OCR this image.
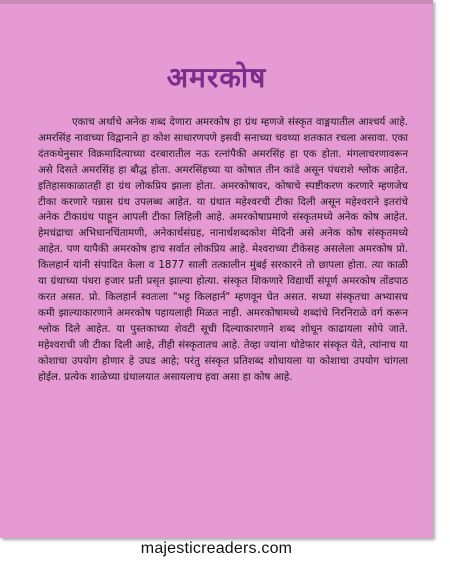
अमरकोष

एकाच अर्थाचे अनेक शब्द देणारा अमरकोष हा ग्रंथ म्हणजे संस्कृत वाङ्मयातील आश्चर्य आहे. अमरसिंह नावाच्या विद्वानाने हा कोश साधारणपणे इसवी सनाच्या चवथ्या शतकात रचला असावा. एका दंतकथेनुसार विक्रमादित्याच्या दरबारातील नऊ रत्नांपैकी अमरसिंह हा एक होता. मंगलाचरणावरून असे दिसते अमरसिंह हा बौद्ध होता. अमरसिंहच्या या कोषात तीन कांडे असून पंधराशे श्लोक आहेत. इतिहासकाळातही हा ग्रंथ लोकप्रिय झाला होता. अमरकोषावर, कोषाचे स्पष्टीकरण करणारे म्हणजेच टीका करणारे पन्नास ग्रंथ उपलब्ध आहेत. या ग्रंथात महेश्वरची टीका दिली असून महेश्वराने इतरांचे अनेक टीकाग्रंथ पाहून आपली टीका लिहिली आहे. अमरकोषाप्रमाणे संस्कृतमध्ये अनेक कोष आहेत. हेमचंद्राचा अभिधानचिंतामणी, अनेकार्थसंग्रह, नानार्थशब्दकोश मेदिनी असे अनेक कोष संस्कृतमध्ये आहेत. पण यापैकी अमरकोष हाच सर्वात लोकप्रिय आहे. मेश्वराच्या टीकेसह असलेला अमरकोष प्रो. किलहार्न यांनी संपादित केला व 1877 साली तत्कालीन मुंबई सरकारने तो छापला होता. त्या काळी या ग्रंथाच्या पंधरा हजार प्रती प्रसृत झाल्या होत्या. संस्कृत शिकणारे विद्यार्थी संपूर्ण अमरकोष तोंडपाठ करत असत. प्रो. किलहार्न स्वतःला "भट्ट किलहार्न" म्हणवून घेत असत. सध्या संस्कृतचा अभ्यासच कमी झाल्याकारणाने अमरकोष पहायलाही मिळत नाही. अमरकोषामध्ये शब्दांचे निरनिराळे वर्ग करून श्लोक दिले आहेत. या पुस्तकाच्या शेवटी सूची दिल्याकारणाने शब्द शोधून काढायला सोपे जाते. महेश्वराची जी टीका दिली आहे, तीही संस्कृतातच आहे. तेव्हा ज्यांना थोडेफार संस्कृत येते, त्यांनाच या कोशाचा उपयोग होणार हे उघड आहे; परंतु संस्कृत प्रतिशब्द शोधायला या कोशाचा उपयोग चांगला होईल. प्रत्येक शाळेच्या ग्रंथालयात असायलाच हवा असा हा कोष आहे.

majesticreaders.com
